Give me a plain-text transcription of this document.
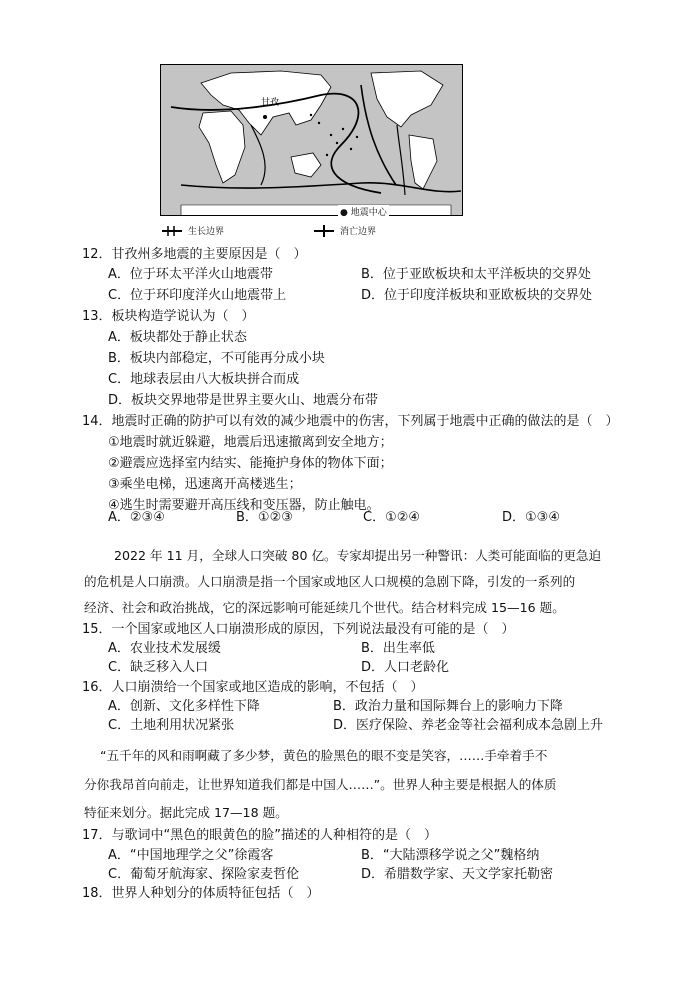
甘孜
● 地震中心
生长边界	消亡边界
12．甘孜州多地震的主要原因是（　）
A．位于环太平洋火山地震带	B．位于亚欧板块和太平洋板块的交界处
C．位于环印度洋火山地震带上	D．位于印度洋板块和亚欧板块的交界处
13．板块构造学说认为（　）
A．板块都处于静止状态
B．板块内部稳定，不可能再分成小块
C．地球表层由八大板块拼合而成
D．板块交界地带是世界主要火山、地震分布带
14．地震时正确的防护可以有效的减少地震中的伤害，下列属于地震中正确的做法的是（　）
①地震时就近躲避，地震后迅速撤离到安全地方；
②避震应选择室内结实、能掩护身体的物体下面；
③乘坐电梯，迅速离开高楼逃生；
④逃生时需要避开高压线和变压器，防止触电。
A．②③④	B．①②③	C．①②④	D．①③④
2022 年 11 月，全球人口突破 80 亿。专家却提出另一种警讯：人类可能面临的更急迫
的危机是人口崩溃。人口崩溃是指一个国家或地区人口规模的急剧下降，引发的一系列的
经济、社会和政治挑战，它的深远影响可能延续几个世代。结合材料完成 15—16 题。
15．一个国家或地区人口崩溃形成的原因，下列说法最没有可能的是（　）
A．农业技术发展缓	B．出生率低
C．缺乏移入人口	D．人口老龄化
16．人口崩溃给一个国家或地区造成的影响，不包括（　）
A．创新、文化多样性下降	B．政治力量和国际舞台上的影响力下降
C．土地利用状况紧张	D．医疗保险、养老金等社会福利成本急剧上升
“五千年的风和雨啊藏了多少梦，黄色的脸黑色的眼不变是笑容，……手牵着手不
分你我昂首向前走，让世界知道我们都是中国人……”。世界人种主要是根据人的体质
特征来划分。据此完成 17—18 题。
17．与歌词中“黑色的眼黄色的脸”描述的人种相符的是（　）
A．“中国地理学之父”徐霞客	B．“大陆漂移学说之父”魏格纳
C．葡萄牙航海家、探险家麦哲伦	D．希腊数学家、天文学家托勒密
18．世界人种划分的体质特征包括（　）
